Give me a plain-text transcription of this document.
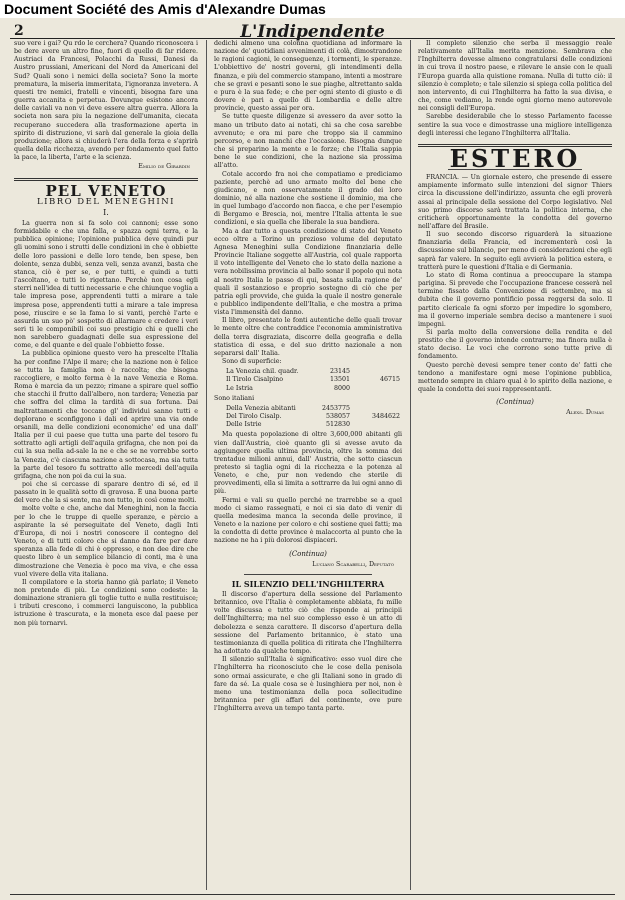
Document Société des Amis d'Alexandre Dumas
2	L'Indipendente

suo vere i gai? Qu rdo le cerchera? Quando riconoscera i be dere avere un altro fine, fuori di quello di far ridere. Austriaci da Francesi, Polacchi da Russi, Danesi da Austro prussiani, Americani del Nord da Americani del Sud? Quali sono i nemici della societa? Sono la morte prematura, la miseria immeritata, l'ignoranza invetera. A questi tre nemici, fratelli e vincenti, bisogna fare una guerra accanita e perpetua. Dovunque esistono ancora delle caviali va non vi deve essere altra guerra. Allora la societa non sara piu la negazione dell'umanita, ciecata recuperano succedera alla trasformazione aperta in spirito di distruzione, vi sarà dal generale la gioia della produzione; allora si chiuderà l'era della forza e s'aprirà quella della ricchezza, avendo per fondamento quel fatto la pace, la liberta, l'arte e la scienza.

Emilio de Girardin
PEL VENETO
LIBRO DEL MENEGHINI
I.

La guerra non si fa solo coi cannoni; esse sono formidabile e che una falla, e spazza ogni terra, e la pubblica opinione; l'opinione pubblica deve quindi pur gli uomini sono i strutti delle condizioni in che è obbiette delle loro passioni e delle loro tende, ben spese, ben dolente, senza dubbi, senza veli, senza avanzi, basta che stanca, ciò è per se, e per tutti, e quindi a tutti l'ascoltano, e tutti lo rigettano. Perchè non cosa egli sterri nell'idea di tutti necessarie e che chiunque voglia a tale impresa pose, apprendenti tutti a mirare a tale impresa pose, apprendenti tutti a mirare a tale impresa pose, riuscire e se la fama lo si vanti, perchè l'arte e assurda un suo pò' sospetto di allarmare e credere i veri seri ti le componibili coi suo prestigio chi e quelli che non sarebbero guadagnati delle sua espressione del come, e del quante e del quale l'obbietto fosse.

La pubblica opinione questo vero ha prescelte l'Italia ha per confine l'Alpe il mare; che la nazione non è felice se tutta la famiglia non è raccolta; che bisogna raccogliere, e molto ferma è la nave Venezia e Roma. Roma è marcia da un pezzo; rimane a spirare quel soffio che stacchi il frutto dall'albero, non tardera; Venezia par che soffra del clima la tardità di sua fortuna. Dai maltrattamenti che toccano gl' individui sanno tutti e deplorano e sconfiggono i dali ed aprire una via onde orsanili, ma delle condizioni economiche' ed una dall' Italia per il cui paese que tutta una parte del tesoro fu sottratto agli artigli dell'aquila grifagna, che non poi da cui la sua nella ad-sale la ne e che se ne vorrebbe sorto la Venezia, c'è ciascuna nazione a sottocasa, ma sia tutta la parte del tesoro fu sottratto alle mercedi dell'aquila grifagna, che non poi da cui la sua.

poi che si cercasse di sparare dentro di sé, ed il passato in le qualità sotto di gravosa. È una buona parte del vero che la si sente, ma non tutto, in così come molti.

molte volte e che, anche dal Meneghini, non la faccia per lo che le truppe di quelle speranze, e pèrcio a aspirante la sé perseguitate del Veneto, dagli Inti d'Europa, di noi i nostri conoscere il contegno del Veneto, e di tutti coloro che si danno da fare per dare speranza alla fede di chi è oppresso, e non dee dire che questo libro è un semplice bilancio di conti, ma è una dimostrazione che Venezia è poco ma viva, e che essa vuol vivere della vita italiana.

Il compilatore e la storia hanno già parlato; il Veneto non pretende di più. Le condizioni sono codeste: la dominazione straniera gli toglie tutto e nulla restituisce; i tributi crescono, i commerci languiscono, la pubblica istruzione è trascurata, e la moneta esce dal paese per non più tornarvi.

dedichi almeno una colonna quotidiana ad informare la nazione de' quotidiani avvenimenti di colà, dimostrandone le ragioni cagioni, le conseguenze, i tormenti, le speranze. L'obbiettivo de' nostri governi, gli intendimenti della finanza, e più del commercio stampano, intenti a mostrare che se gravi e pesanti sono le sue piaghe, altrettanto salda e pura è la sua fede; e che per ogni stento di giusto e di dovere è pari a quello di Lombardia e delle altre provincie, questo assai per ora.

Se tutte queste diligenze si avessero da aver sotto la mano un tributo dato ai notati, chi sa che cosa sarebbe avvenuto; e ora mi pare che troppo sia il cammino percorso, e non manchi che l'occasione. Bisogna dunque che si preparino la mente e le forze; che l'Italia sappia bene le sue condizioni, che la nazione sia prossima all'atto.

Cotale accordo fra noi che compatiamo e prediciamo paziente, perchè ad uno armato molto del bene che giudicano, e non osservatamente il grado dei loro dominio, né alla nazione che sostiene il dominio, ma che in quel lumbago d'accordo non fiacca, e che per l'esempio di Bergamo e Brescia, noi, mentre l'Italia attenta le sue condizioni, e sia quella che liberale la sua bandiera.

Ma a dar tutto a questa condizione di stato del Veneto ecco oltre a Torino un prezioso volume del deputato Agnesa Meneghini sulla Condizione finanziaria delle Provincie Italiane soggette all'Austria, col quale rapporta il voto intelligente del Veneto che lo stato della nazione a vera nobilissima provincia al ballo sonar il popolo qui nota al nostro Italia le passo di qui, basata sulla ragione de' quali il sostanzioso e proprio sostegno di ciò che per patria egli provvide, che guida la quale il nostro generale e pubblico indipendente dell'Italia, e che mostra a prima vista l'immensità del danno.

Il libro, presentato le fonti autentiche delle quali trovar le mente oltre che contraddice l'economia amministrativa della terra disgraziata, discorre della geografia e della statistica di essa, e del suo dritto nazionale a non separarsi dall' Italia.

Sono di superficie:

La Venezia chil. quadr.	23145
Il Tirolo Cisalpino	13501	46715
Le Istria	8000

Sono italiani

Della Venezia abitanti	2453775
Del Tirolo Cisalp.	538057	3484622
Delle Istrie	512830

Ma questa popolazione di oltre 3,600,000 abitanti gli vien dall'Austria, cioè quanto gli si avesse avuto da aggiungere quella ultima provincia, oltre la somma dei trentadue milioni annui, dall' Austria, che sotto ciascun pretesto si taglia ogni di la ricchezza e la potenza al Veneto, e che, pur non vedendo che sterile di provvedimenti, ella si limita a sottrarre da lui ogni anno di più.

Fermi e vali su quello perché ne trarrebbe se a quel modo ci siamo rassegnati, e noi ci sia dato di venir di quella medesima manca la seconda delle province, il Veneto e la nazione per coloro e chi sostiene quei fatti; ma la condotta di dette province è malaccorta al punto che la nazione ne ha i più dolorosi dispiaceri.

(Continua)
Luciano Scarabelli, Deputato
IL SILENZIO DELL'INGHILTERRA

Il discorso d'apertura della sessione del Parlamento britannico, ove l'Italia è completamente abbiata, fu mille volte discussa e tutto ciò che risponde ai principii dell'Inghilterra; ma nel suo complesso esso è un atto di debolezza e senza carattere. Il discorso d'apertura della sessione del Parlamento britannico, è stato una testimonianza di quella politica di ritirata che l'Inghilterra ha adottato da qualche tempo.

Il silenzio sull'Italia è significativo: esso vuol dire che l'Inghilterra ha riconosciuto che le cose della penisola sono ormai assicurate, e che gli Italiani sono in grado di fare da sé. La quale cosa se è lusinghiera per noi, non è meno una testimonianza della poca sollecitudine britannica per gli affari del continente, ove pure l'Inghilterra aveva un tempo tanta parte.

Il completo silenzio che serba il messaggio reale relativamente all'Italia merita menzione. Sembrava che l'Inghilterra dovesse almeno congratularsi delle condizioni in cui trova il nostro paese, e rilevare le ansie con le quali l'Europa guarda alla quistione romana. Nulla di tutto ciò: il silenzio è completo; e tale silenzio si spiega colla politica del non intervento, di cui l'Inghilterra ha fatto la sua divisa, e che, come vediamo, la rende ogni giorno meno autorevole nei consigli dell'Europa.

Sarebbe desiderabile che lo stesso Parlamento facesse sentire la sua voce e dimostrasse una migliore intelligenza degli interessi che legano l'Inghilterra all'Italia.

ESTERO

FRANCIA. — Un giornale estero, che presende di essere ampiamente informato sulle intenzioni del signor Thiers circa la discussione dell'indirizzo, assunta che egli proverà assai al principale della sessione del Corpo legislativo. Nel suo primo discorso sarà trattata la politica interna, che criticherà opportunamente la condotta del governo nell'affare del Brasile.

Il suo secondo discorso riguarderà la situazione finanziaria della Francia, ed incrementerà così la discussione sul bilancio, per meno di considerazioni che egli saprà far valere. In seguito egli avvierà la politica estera, e tratterà pure le questioni d'Italia e di Germania.

Lo stato di Roma continua a preoccupare la stampa parigina. Si prevede che l'occupazione francese cesserà nel termine fissato dalla Convenzione di settembre, ma si dubita che il governo pontificio possa reggersi da solo. Il partito clericale fa ogni sforzo per impedire lo sgombero, ma il governo imperiale sembra deciso a mantenere i suoi impegni.

Si parla molto della conversione della rendita e del prestito che il governo intende contrarre; ma finora nulla è stato deciso. Le voci che corrono sono tutte prive di fondamento.

Questo perchè devesi sempre tener conto de' fatti che tendono a manifestare ogni mese l'opinione pubblica, mettendo sempre in chiaro qual è lo spirito della nazione, e quale la condotta dei suoi rappresentanti.

(Continua)
Alexs. Dumas
